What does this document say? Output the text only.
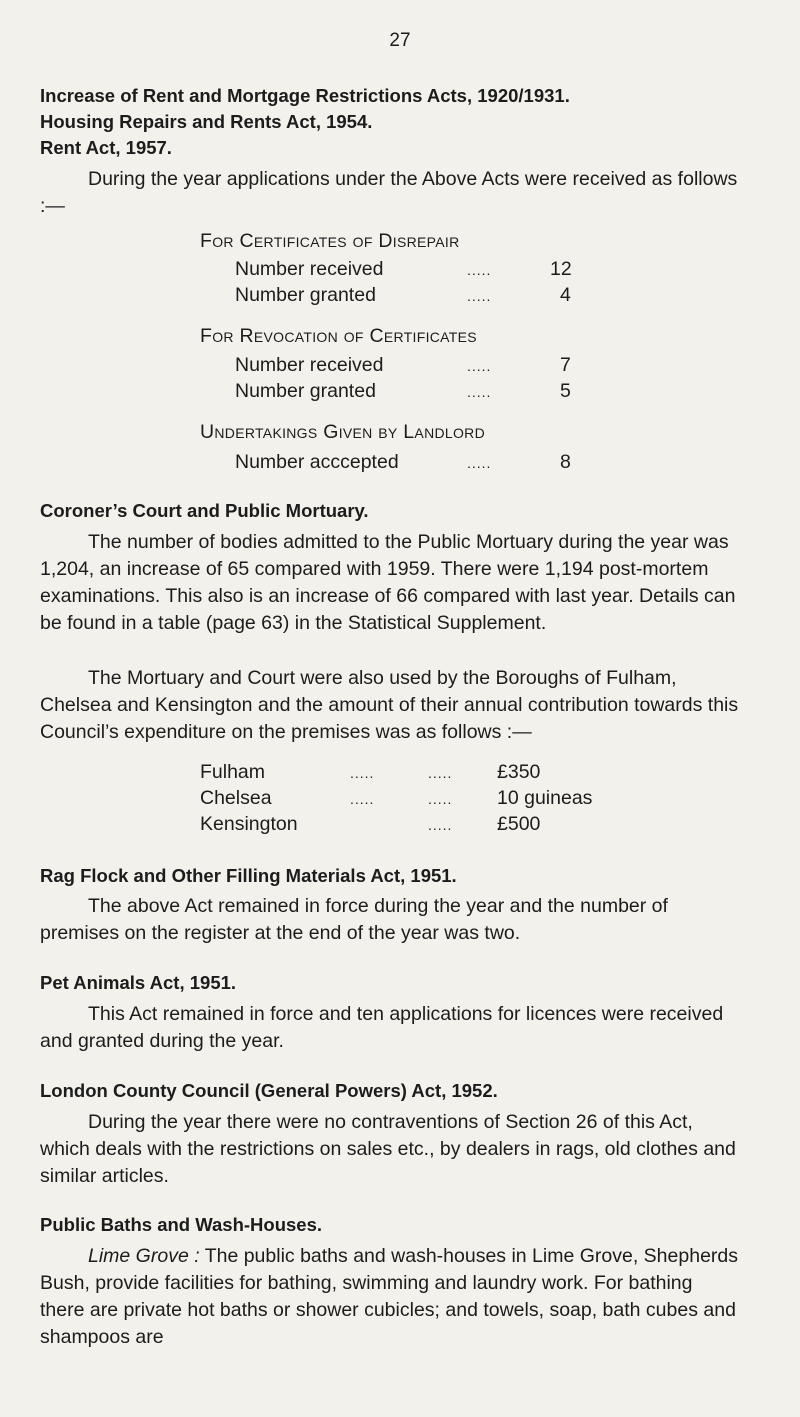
27

Increase of Rent and Mortgage Restrictions Acts, 1920/1931.

Housing Repairs and Rents Act, 1954.

Rent Act, 1957.

During the year applications under the Above Acts were received as follows :—

For Certificates of Disrepair
Number received	.....	12
Number granted	.....	4
For Revocation of Certificates
Number received	.....	7
Number granted	.....	5
Undertakings Given by Landlord
Number acccepted	.....	8

Coroner’s Court and Public Mortuary.

The number of bodies admitted to the Public Mortuary during the year was 1,204, an increase of 65 compared with 1959. There were 1,194 post-mortem examinations. This also is an increase of 66 compared with last year. Details can be found in a table (page 63) in the Statistical Supplement.

The Mortuary and Court were also used by the Boroughs of Fulham, Chelsea and Kensington and the amount of their annual contribution towards this Council’s expenditure on the premises was as follows :—

Fulham	.....	..... £350
Chelsea	.....	..... 10 guineas
Kensington	..... £500

Rag Flock and Other Filling Materials Act, 1951.

The above Act remained in force during the year and the number of premises on the register at the end of the year was two.

Pet Animals Act, 1951.

This Act remained in force and ten applications for licences were received and granted during the year.

London County Council (General Powers) Act, 1952.

During the year there were no contraventions of Section 26 of this Act, which deals with the restrictions on sales etc., by dealers in rags, old clothes and similar articles.

Public Baths and Wash-Houses.

Lime Grove : The public baths and wash-houses in Lime Grove, Shepherds Bush, provide facilities for bathing, swimming and laundry work. For bathing there are private hot baths or shower cubicles; and towels, soap, bath cubes and shampoos are
